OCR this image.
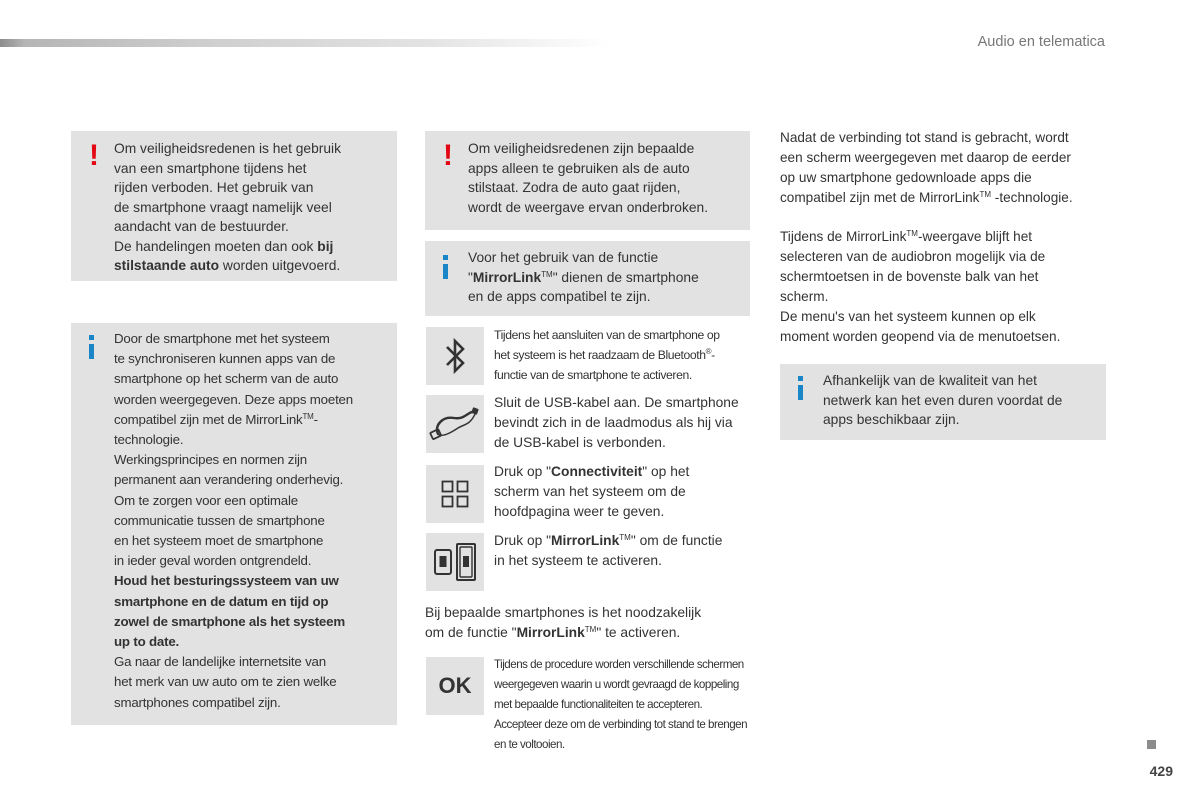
Audio en telematica
! Om veiligheidsredenen is het gebruik
van een smartphone tijdens het
rijden verboden. Het gebruik van
de smartphone vraagt namelijk veel
aandacht van de bestuurder.
De handelingen moeten dan ook bij
stilstaande auto worden uitgevoerd.
Door de smartphone met het systeem
te synchroniseren kunnen apps van de
smartphone op het scherm van de auto
worden weergegeven. Deze apps moeten
compatibel zijn met de MirrorLink™-
technologie.
Werkingsprincipes en normen zijn
permanent aan verandering onderhevig.
Om te zorgen voor een optimale
communicatie tussen de smartphone
en het systeem moet de smartphone
in ieder geval worden ontgrendeld.
Houd het besturingssysteem van uw
smartphone en de datum en tijd op
zowel de smartphone als het systeem
up to date.
Ga naar de landelijke internetsite van
het merk van uw auto om te zien welke
smartphones compatibel zijn.
! Om veiligheidsredenen zijn bepaalde
apps alleen te gebruiken als de auto
stilstaat. Zodra de auto gaat rijden,
wordt de weergave ervan onderbroken.
Voor het gebruik van de functie
"MirrorLink™" dienen de smartphone
en de apps compatibel te zijn.
Tijdens het aansluiten van de smartphone op
het systeem is het raadzaam de Bluetooth®-
functie van de smartphone te activeren.
Sluit de USB-kabel aan. De smartphone
bevindt zich in de laadmodus als hij via
de USB-kabel is verbonden.
Druk op "Connectiviteit" op het
scherm van het systeem om de
hoofdpagina weer te geven.
Druk op "MirrorLink™" om de functie
in het systeem te activeren.
Bij bepaalde smartphones is het noodzakelijk
om de functie "MirrorLink™" te activeren.
OK
Tijdens de procedure worden verschillende schermen
weergegeven waarin u wordt gevraagd de koppeling
met bepaalde functionaliteiten te accepteren.
Accepteer deze om de verbinding tot stand te brengen
en te voltooien.
Nadat de verbinding tot stand is gebracht, wordt
een scherm weergegeven met daarop de eerder
op uw smartphone gedownloade apps die
compatibel zijn met de MirrorLink™ -technologie.
Tijdens de MirrorLink™-weergave blijft het
selecteren van de audiobron mogelijk via de
schermtoetsen in de bovenste balk van het
scherm.
De menu's van het systeem kunnen op elk
moment worden geopend via de menutoetsen.
Afhankelijk van de kwaliteit van het
netwerk kan het even duren voordat de
apps beschikbaar zijn.
429
